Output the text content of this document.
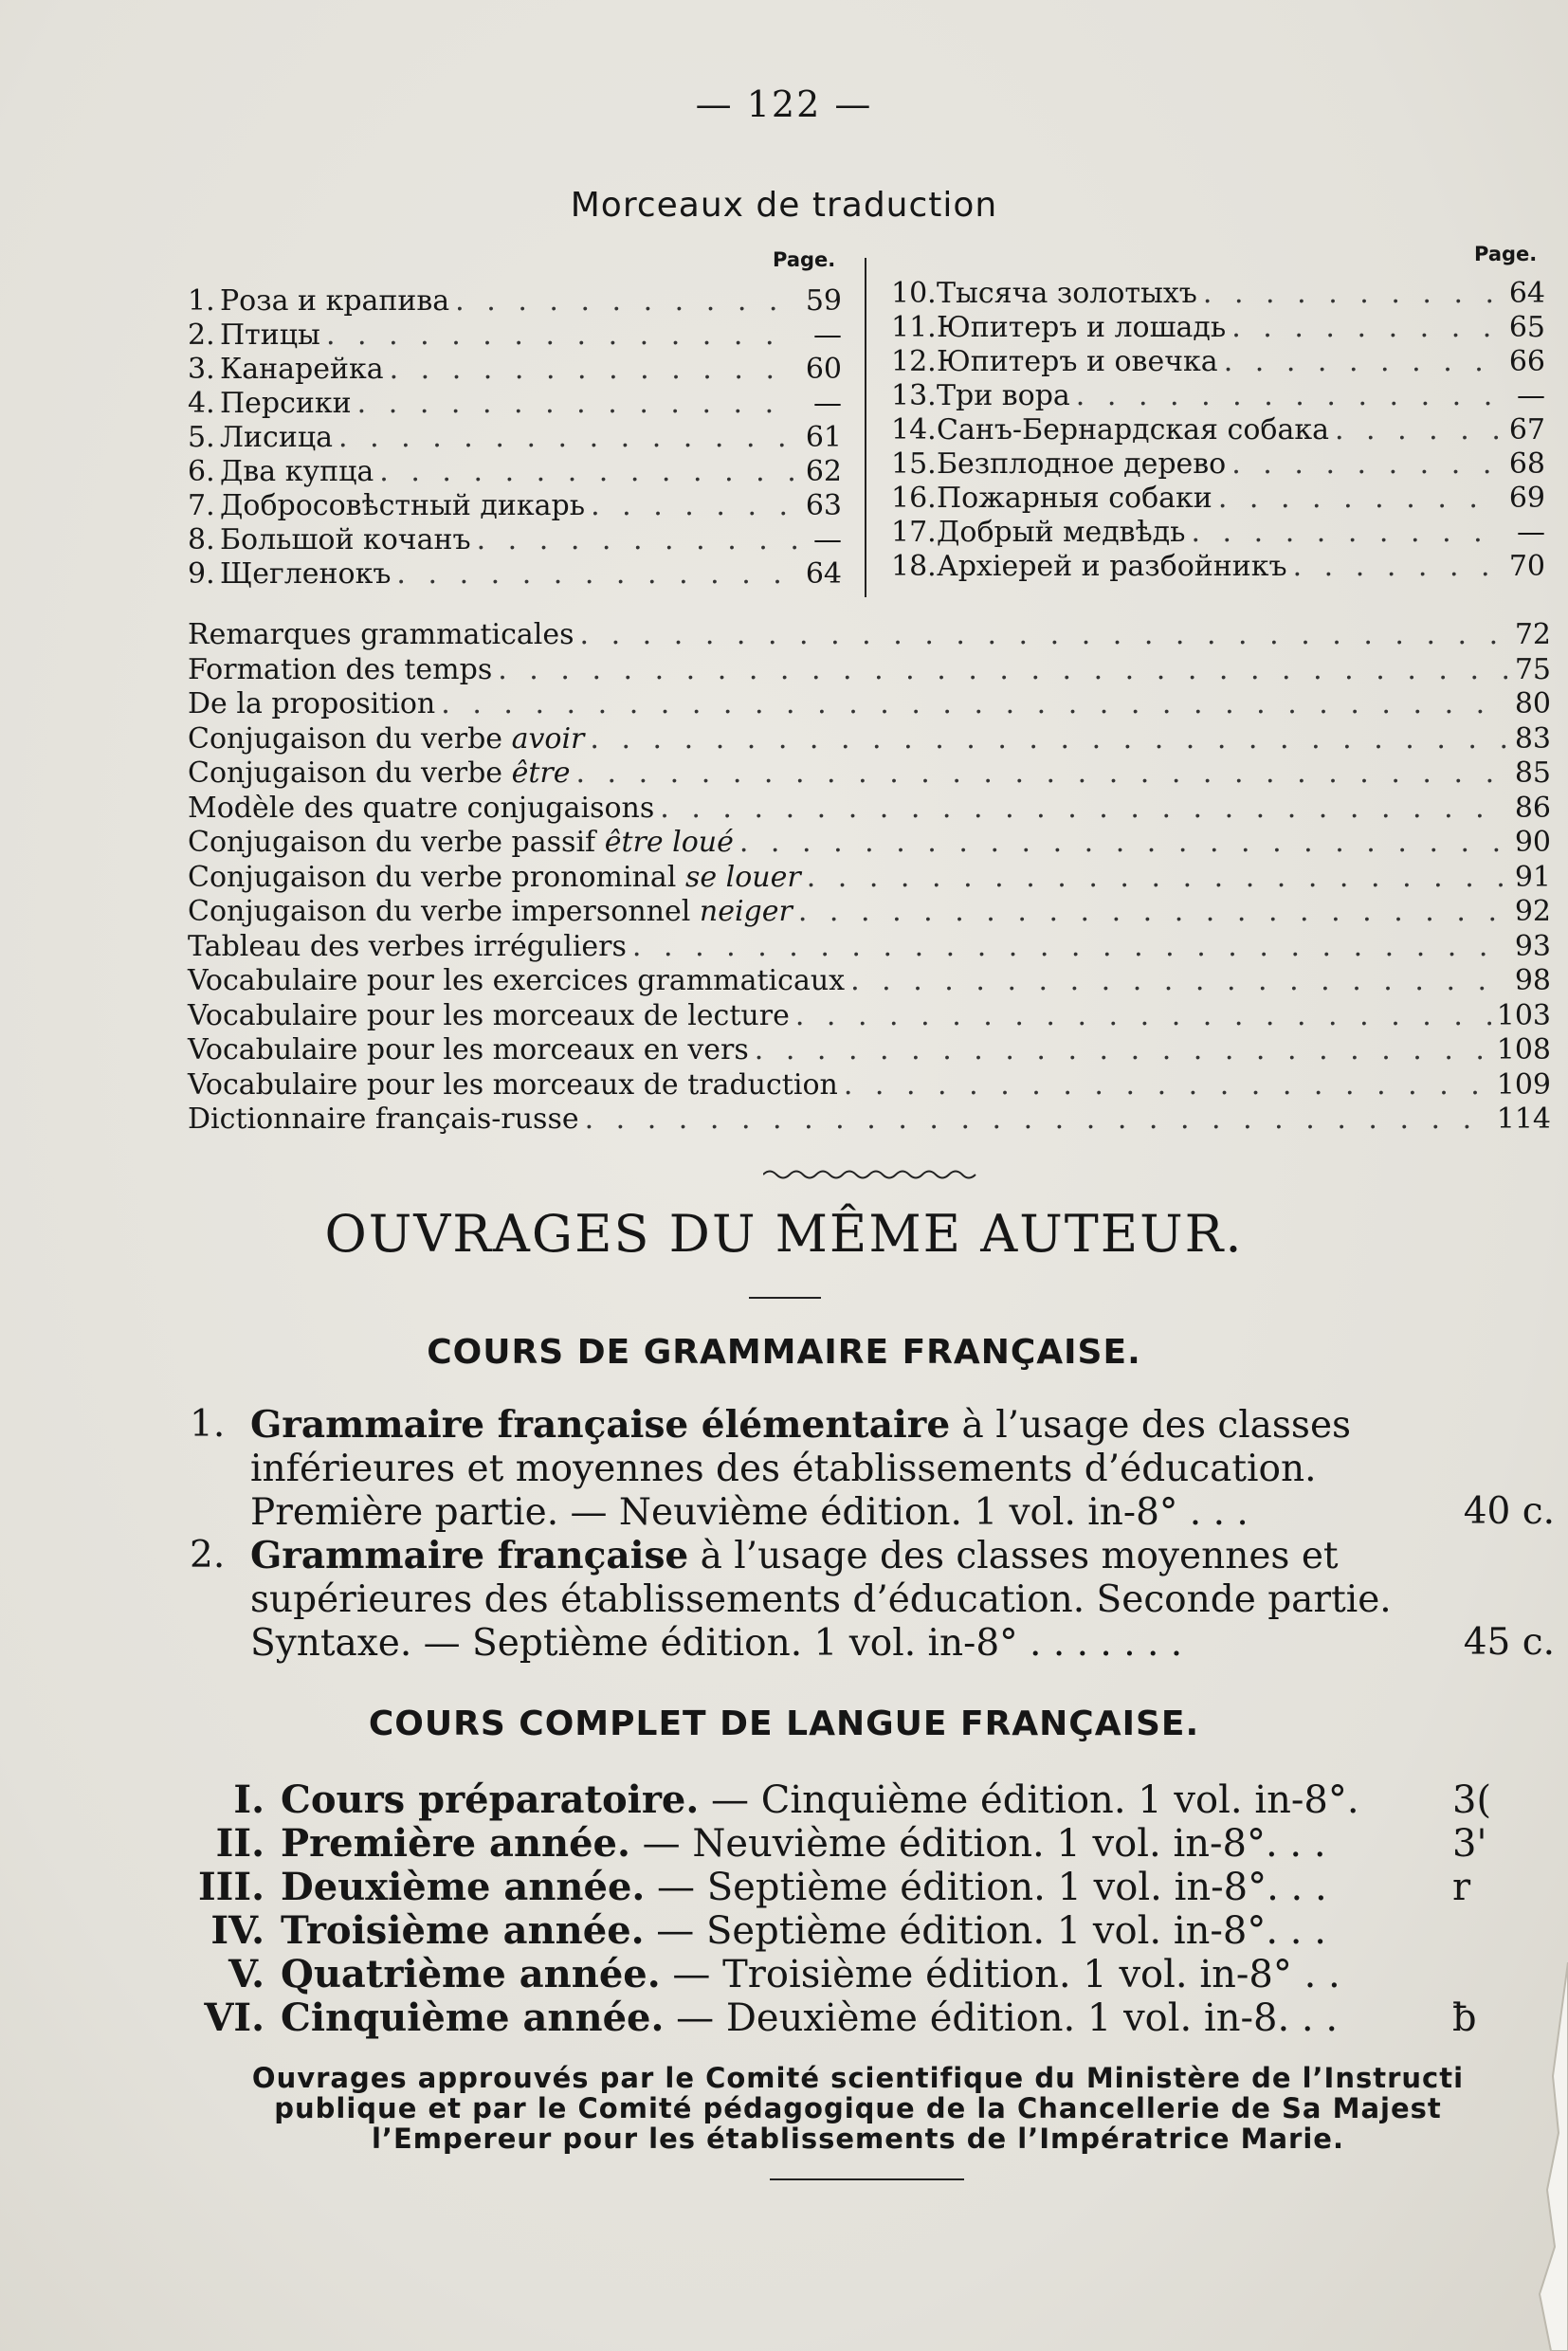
— 122 —
Morceaux de traduction
Page.	Page.
1. Роза и крапива . . .	59
2. Птицы . . .	—
3. Канарейка . . .	60
4. Персики . . .	—
5. Лисица . . .	61
6. Два купца . . .	62
7. Добросовѣстный дикарь . . .	63
8. Большой кочанъ . . .	—
9. Щегленокъ . . .	64
10. Тысяча золотыхъ . . .	64
11. Юпитеръ и лошадь . . .	65
12. Юпитеръ и овечка . . .	66
13. Три вора . . .	—
14. Санъ-Бернардская собака . . .	67
15. Безплодное дерево . . .	68
16. Пожарныя собаки . . .	69
17. Добрый медвѣдь . . .	—
18. Архіерей и разбойникъ . . .	70
Remarques grammaticales . . .	72
Formation des temps . . .	75
De la proposition . . .	80
Conjugaison du verbe avoir . . .	83
Conjugaison du verbe être . . .	85
Modèle des quatre conjugaisons . . .	86
Conjugaison du verbe passif être loué . . .	90
Conjugaison du verbe pronominal se louer . . .	91
Conjugaison du verbe impersonnel neiger . . .	92
Tableau des verbes irréguliers . . .	93
Vocabulaire pour les exercices grammaticaux . . .	98
Vocabulaire pour les morceaux de lecture . . .	103
Vocabulaire pour les morceaux en vers . . .	108
Vocabulaire pour les morceaux de traduction . . .	109
Dictionnaire français-russe . . .	114
OUVRAGES DU MÊME AUTEUR.
COURS DE GRAMMAIRE FRANÇAISE.
1. Grammaire française élémentaire à l’usage des classes
inférieures et moyennes des établissements d’éducation.
Première partie. — Neuvième édition. 1 vol. in-8° . . .	40 c.
2. Grammaire française à l’usage des classes moyennes et
supérieures des établissements d’éducation. Seconde partie.
Syntaxe. — Septième édition. 1 vol. in-8° . . . . . . .	45 c.
COURS COMPLET DE LANGUE FRANÇAISE.
I. Cours préparatoire. — Cinquième édition. 1 vol. in-8°. 3(
II. Première année. — Neuvième édition. 1 vol. in-8°. . .	3'
III. Deuxième année. — Septième édition. 1 vol. in-8°. . .	r
IV. Troisième année. — Septième édition. 1 vol. in-8°. . .
V. Quatrième année. — Troisième édition. 1 vol. in-8° . .
VI. Cinquième année. — Deuxième édition. 1 vol. in-8. . .	ƀ
Ouvrages approuvés par le Comité scientifique du Ministère de l’Instructi
publique et par le Comité pédagogique de la Chancellerie de Sa Majest
l’Empereur pour les établissements de l’Impératrice Marie.
